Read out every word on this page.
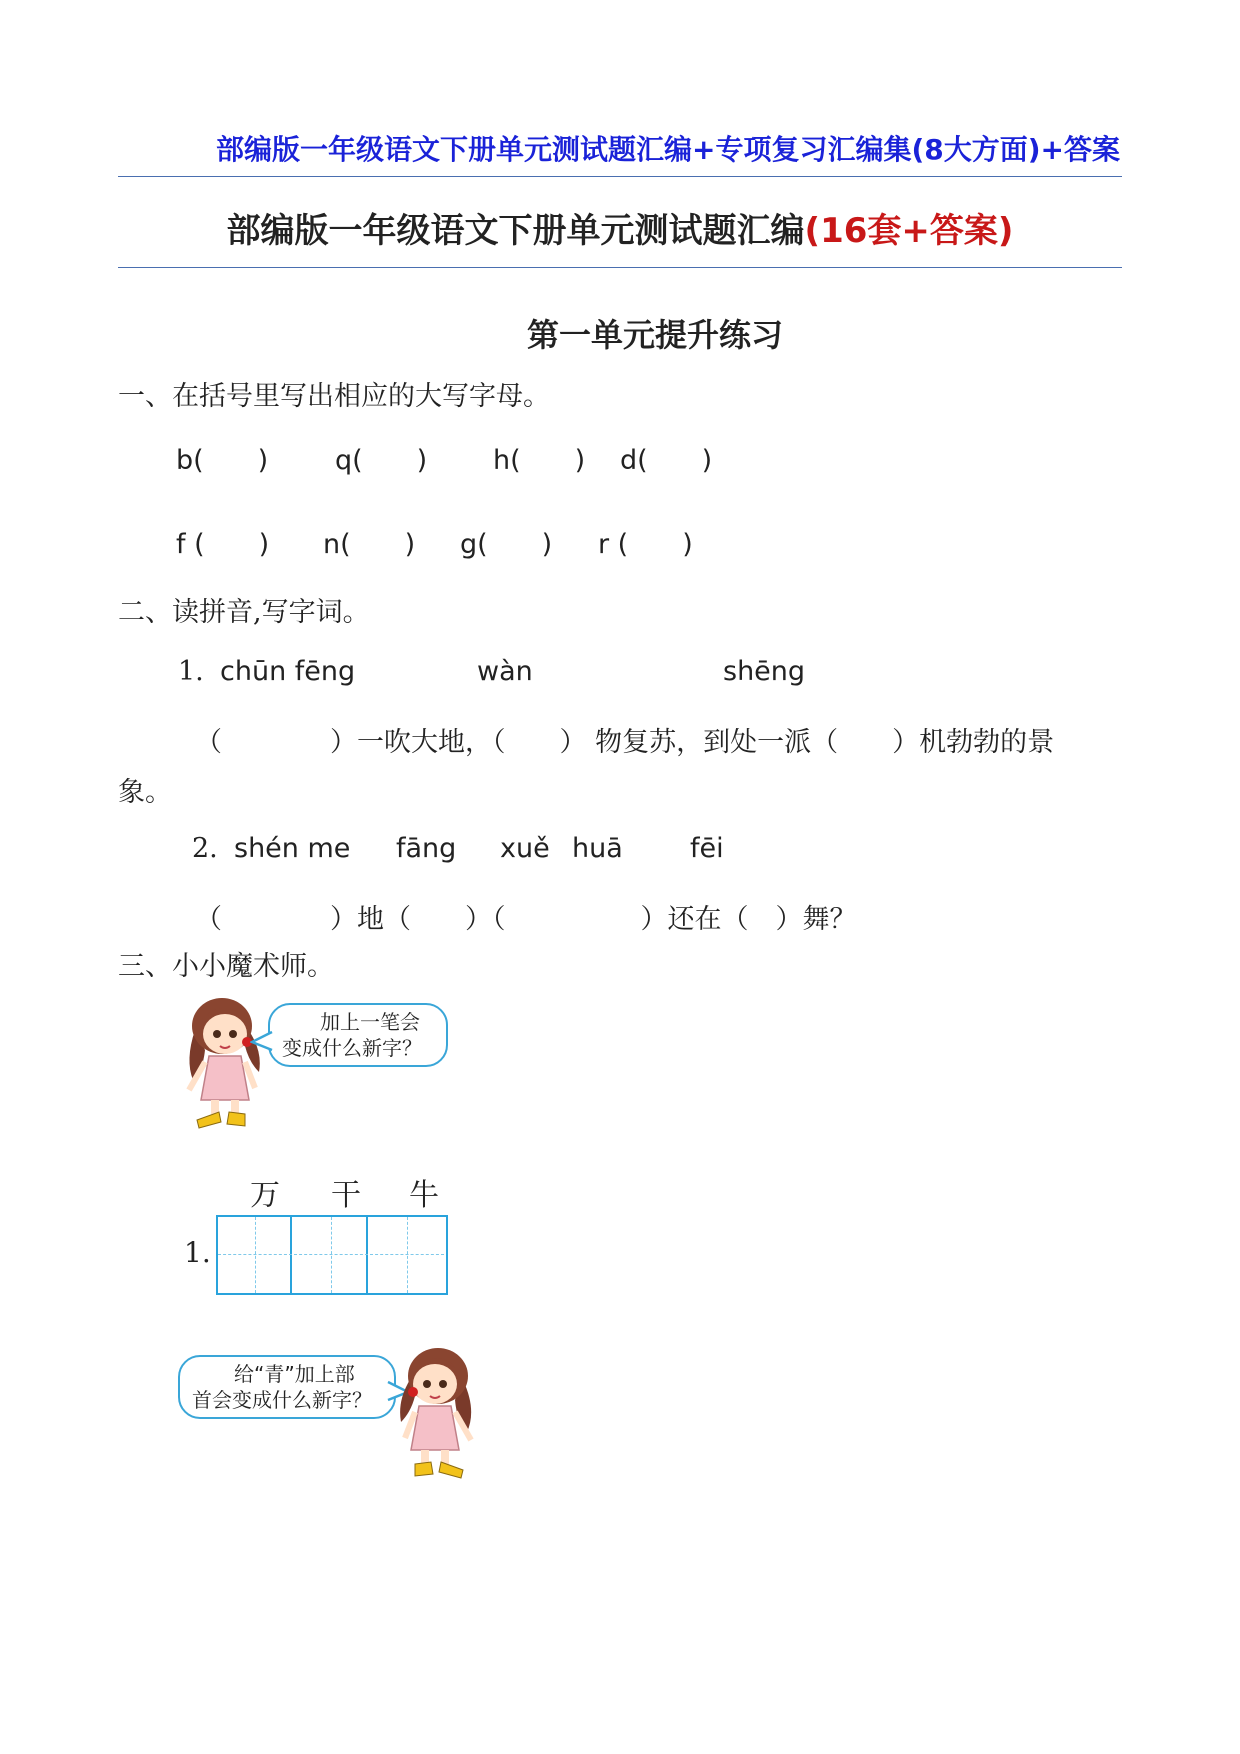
部编版一年级语文下册单元测试题汇编+专项复习汇编集(8大方面)+答案
部编版一年级语文下册单元测试题汇编(16套+答案)
第一单元提升练习
一、在括号里写出相应的大写字母。
b(　　) q(　　) h(　　) d(　　)
f (　　) n(　　) g(　　) r (　　)
二、读拼音,写字词。
1. chūn fēng	wàn	shēng
（　　　　）一吹大地，（　　） 物复苏，到处一派（　　）机勃勃的景
象。
2. shén me fāng xuě huā fēi
（　　　　）地（　　）（　　　　　）还在（　）舞？
三、小小魔术师。
加上一笔会
变成什么新字？
万 干 牛
1.
给“青”加上部
首会变成什么新字？
